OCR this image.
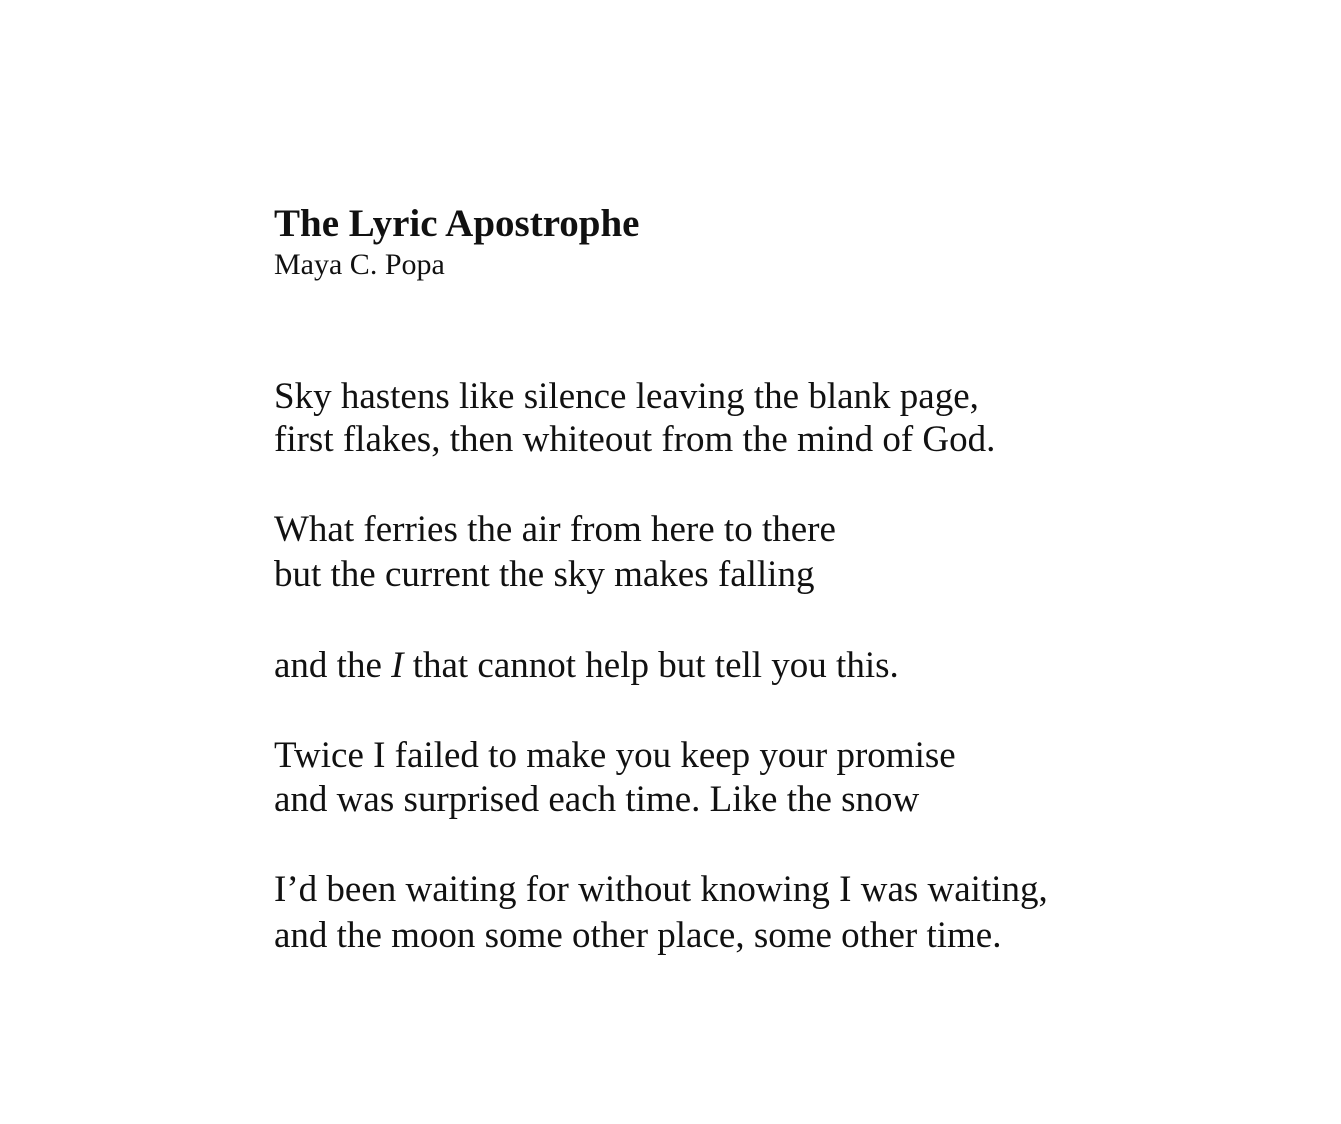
The Lyric Apostrophe

Maya C. Popa

Sky hastens like silence leaving the blank page,

first flakes, then whiteout from the mind of God.

What ferries the air from here to there

but the current the sky makes falling

and the I that cannot help but tell you this.

Twice I failed to make you keep your promise

and was surprised each time. Like the snow

I’d been waiting for without knowing I was waiting,

and the moon some other place, some other time.
